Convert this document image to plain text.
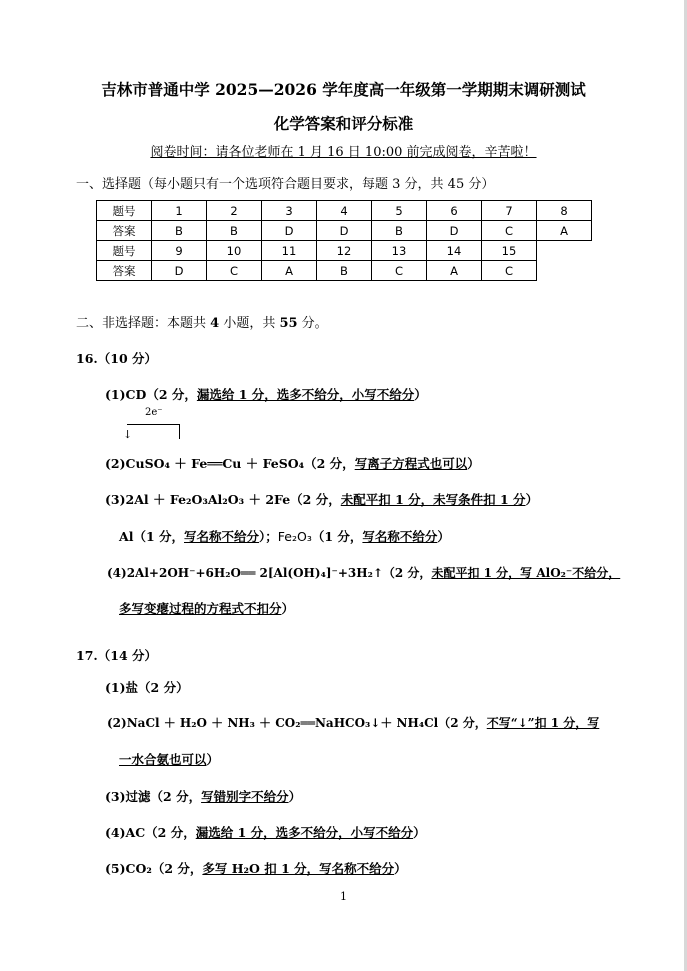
吉林市普通中学 2025—2026 学年度高一年级第一学期期末调研测试
化学答案和评分标准
阅卷时间：请各位老师在 1 月 16 日 10:00 前完成阅卷，辛苦啦！
一、选择题（每小题只有一个选项符合题目要求，每题 3 分，共 45 分）
题号	1	2	3	4	5	6	7	8
答案	B	B	D	D	B	D	C	A
题号	9	10	11	12	13	14	15	
答案	D	C	A	B	C	A	C	
二、非选择题：本题共 4 小题，共 55 分。
16.（10 分）
(1)CD（2 分，漏选给 1 分，选多不给分，小写不给分）
2e⁻
↓
(2)CuSO₄ ＋ Fe══Cu ＋ FeSO₄（2 分，写离子方程式也可以）
(3)2Al ＋ Fe₂O₃Al₂O₃ ＋ 2Fe（2 分，未配平扣 1 分，未写条件扣 1 分）
Al（1 分，写名称不给分）；Fe₂O₃（1 分，写名称不给分）
(4)2Al+2OH⁻+6H₂O══ 2[Al(OH)₄]⁻+3H₂↑（2 分，未配平扣 1 分，写 AlO₂⁻不给分，
多写变瘪过程的方程式不扣分）
17.（14 分）
(1)盐（2 分）
(2)NaCl ＋ H₂O ＋ NH₃ ＋ CO₂══NaHCO₃↓＋ NH₄Cl（2 分，不写“↓”扣 1 分，写
一水合氨也可以）
(3)过滤（2 分，写错别字不给分）
(4)AC（2 分，漏选给 1 分，选多不给分，小写不给分）
(5)CO₂（2 分，多写 H₂O 扣 1 分，写名称不给分）
1
